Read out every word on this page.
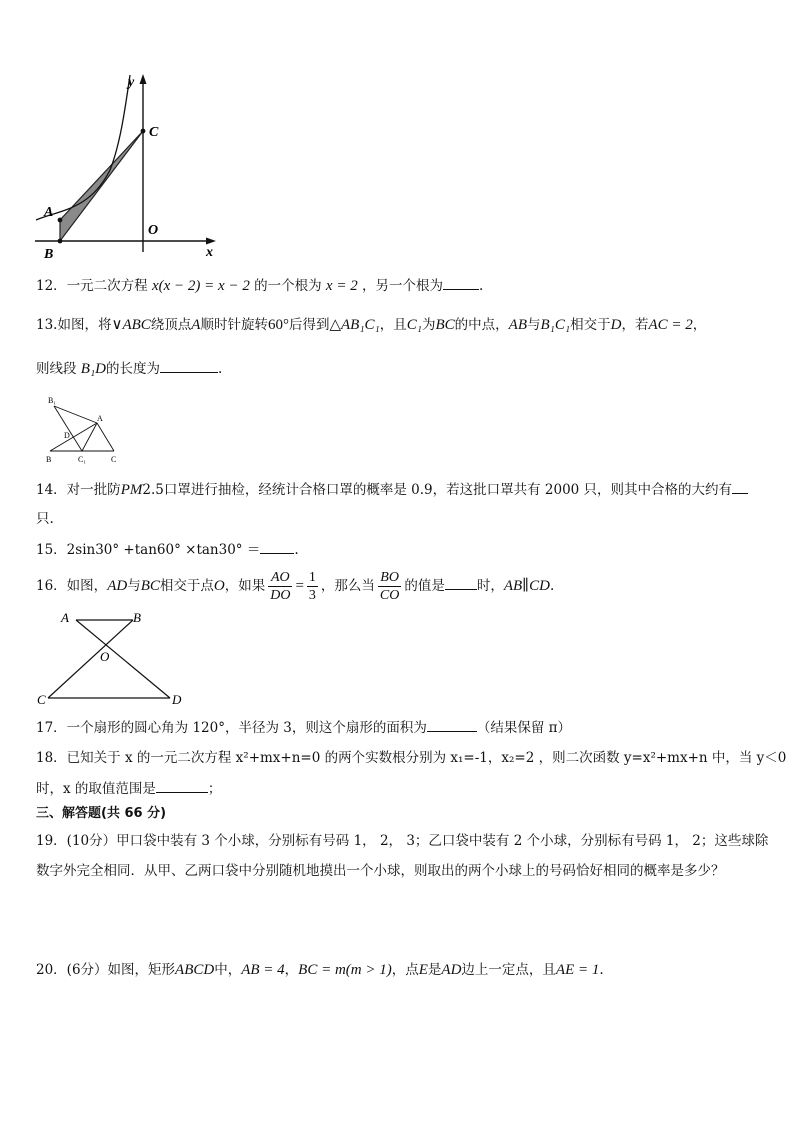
y
C
A
O
B	x
12．一元二次方程 x(x − 2) = x − 2 的一个根为 x = 2 ，另一个根为	.
13.如图，将∨ABC绕顶点A顺时针旋转60°后得到△AB₁C₁，且C₁为BC的中点，AB与B₁C₁相交于D，若AC = 2，
则线段 B₁D的长度为	.
B₁
A
D
B	C₁	C
14．对一批防PM2.5口罩进行抽检，经统计合格口罩的概率是 0.9，若这批口罩共有 2000 只，则其中合格的大约有
只.
15．2sin30° +tan60° ×tan30° ＝	.
16．如图，AD与BC相交于点O，如果 $\frac{AO}{DO} = \frac{1}{3}$ ，那么当 $\frac{BO}{CO}$ 的值是 时，AB∥CD.
A	B
O
C	D
17．一个扇形的圆心角为 120°，半径为 3，则这个扇形的面积为	（结果保留 π）
18．已知关于 x 的一元二次方程 x²+mx+n=0 的两个实数根分别为 x₁=-1，x₂=2 ，则二次函数 y=x²+mx+n 中，当 y＜0
时，x 的取值范围是	；
三、解答题(共 66 分)
19．(10分）甲口袋中装有 3 个小球，分别标有号码 1， 2， 3；乙口袋中装有 2 个小球，分别标有号码 1， 2；这些球除
数字外完全相同．从甲、乙两口袋中分别随机地摸出一个小球，则取出的两个小球上的号码恰好相同的概率是多少？
20．(6分）如图，矩形ABCD中，AB = 4，BC = m(m > 1)，点E是AD边上一定点，且AE = 1.
